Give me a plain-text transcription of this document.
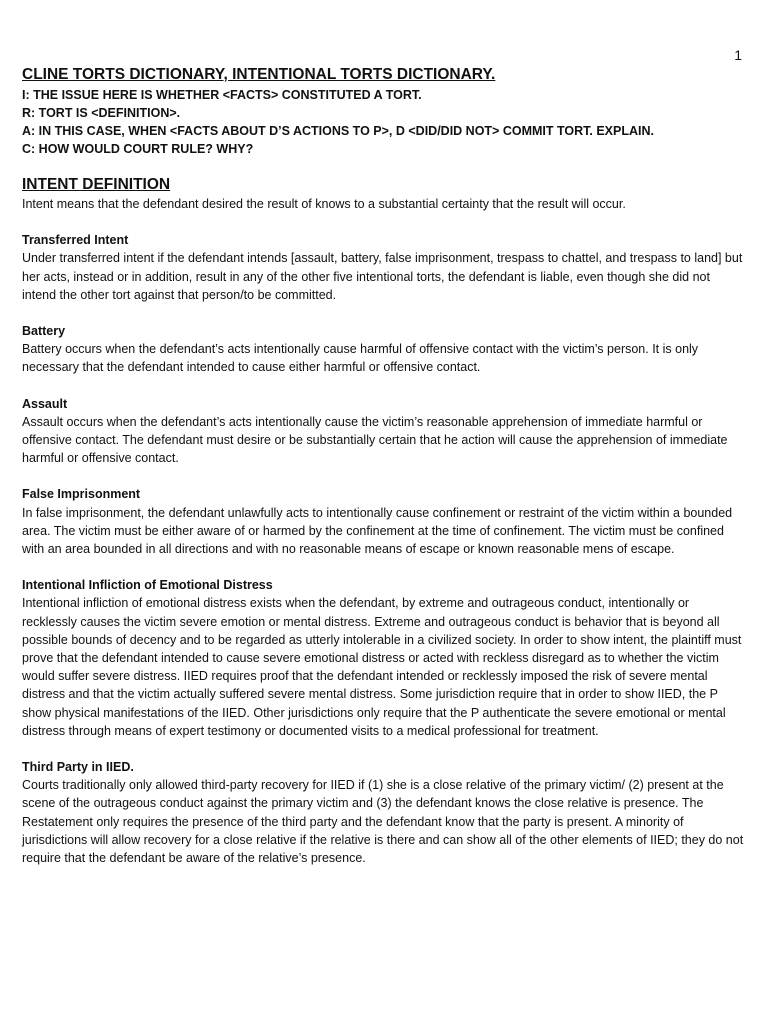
1
CLINE TORTS DICTIONARY, INTENTIONAL TORTS DICTIONARY.
I: THE ISSUE HERE IS WHETHER <FACTS> CONSTITUTED A TORT.
R: TORT IS <DEFINITION>.
A: IN THIS CASE, WHEN <FACTS ABOUT D’S ACTIONS TO P>, D <DID/DID NOT> COMMIT TORT. EXPLAIN.
C: HOW WOULD COURT RULE? WHY?
INTENT DEFINITION

Intent means that the defendant desired the result of knows to a substantial certainty that the result will occur.

Transferred Intent

Under transferred intent if the defendant intends [assault, battery, false imprisonment, trespass to chattel, and trespass to land] but her acts, instead or in addition, result in any of the other five intentional torts, the defendant is liable, even though she did not intend the other tort against that person/to be committed.

Battery

Battery occurs when the defendant’s acts intentionally cause harmful of offensive contact with the victim’s person. It is only necessary that the defendant intended to cause either harmful or offensive contact.

Assault

Assault occurs when the defendant’s acts intentionally cause the victim’s reasonable apprehension of immediate harmful or offensive contact. The defendant must desire or be substantially certain that he action will cause the apprehension of immediate harmful or offensive contact.

False Imprisonment

In false imprisonment, the defendant unlawfully acts to intentionally cause confinement or restraint of the victim within a bounded area. The victim must be either aware of or harmed by the confinement at the time of confinement. The victim must be confined with an area bounded in all directions and with no reasonable means of escape or known reasonable mens of escape.

Intentional Infliction of Emotional Distress

Intentional infliction of emotional distress exists when the defendant, by extreme and outrageous conduct, intentionally or recklessly causes the victim severe emotion or mental distress. Extreme and outrageous conduct is behavior that is beyond all possible bounds of decency and to be regarded as utterly intolerable in a civilized society. In order to show intent, the plaintiff must prove that the defendant intended to cause severe emotional distress or acted with reckless disregard as to whether the victim would suffer severe distress. IIED requires proof that the defendant intended or recklessly imposed the risk of severe mental distress and that the victim actually suffered severe mental distress. Some jurisdiction require that in order to show IIED, the P show physical manifestations of the IIED. Other jurisdictions only require that the P authenticate the severe emotional or mental distress through means of expert testimony or documented visits to a medical professional for treatment.

Third Party in IIED.

Courts traditionally only allowed third-party recovery for IIED if (1) she is a close relative of the primary victim/ (2) present at the scene of the outrageous conduct against the primary victim and (3) the defendant knows the close relative is presence. The Restatement only requires the presence of the third party and the defendant know that the party is present. A minority of jurisdictions will allow recovery for a close relative if the relative is there and can show all of the other elements of IIED; they do not require that the defendant be aware of the relative’s presence.
